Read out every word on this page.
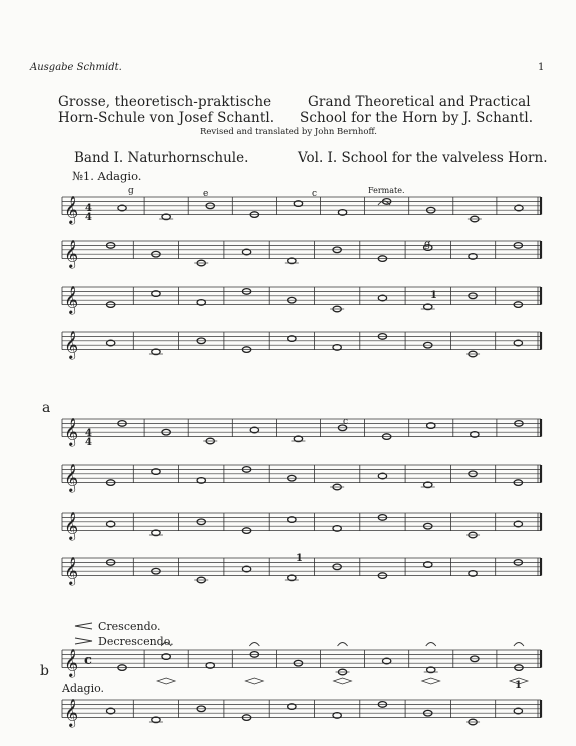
Ausgabe Schmidt.	1
Grosse, theoretisch-praktische
Horn-Schule von Josef Schantl.
Grand Theoretical and Practical
School for the Horn by J. Schantl.
Revised and translated by John Bernhoff.
Band I. Naturhornschule.	Vol. I. School for the valveless Horn.
𝄞
𝄞
𝄞
𝄞
𝄞
𝄞
𝄞
𝄞
𝄞
𝄞
c
№1. Adagio.
a
b
Adagio.
Fermate.
g	e	c
g
c
1
1
1
4
4
4
4
Crescendo.
Decrescendo.
